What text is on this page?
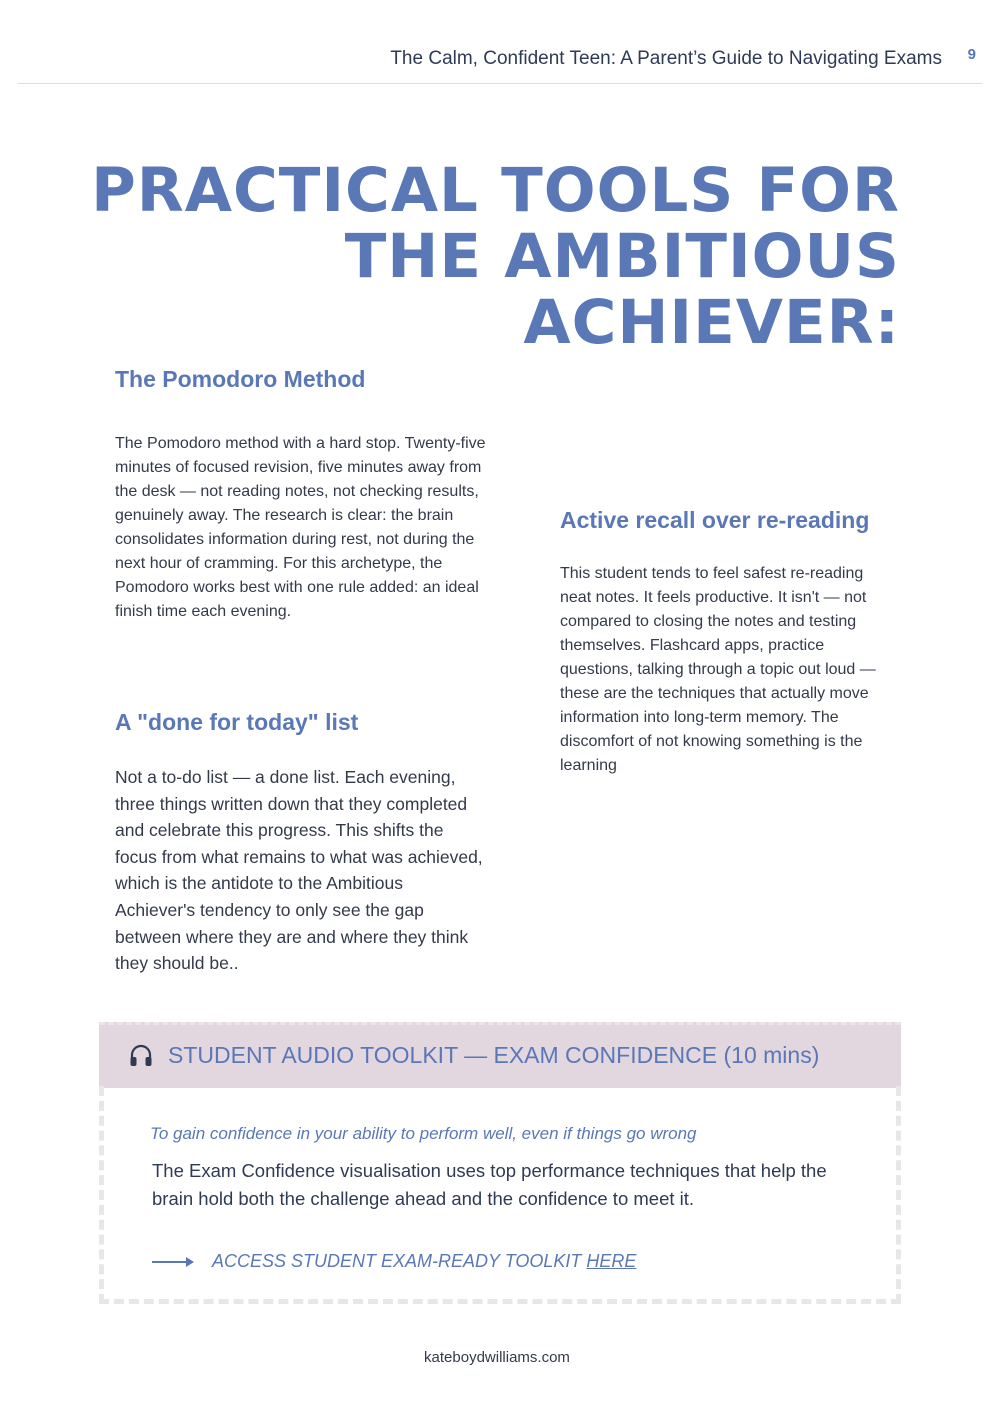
The Calm, Confident Teen: A Parent’s Guide to Navigating Exams 9
PRACTICAL TOOLS FOR
THE AMBITIOUS ACHIEVER:
The Pomodoro Method

The Pomodoro method with a hard stop. Twenty-five minutes of focused revision, five minutes away from the desk — not reading notes, not checking results, genuinely away. The research is clear: the brain consolidates information during rest, not during the next hour of cramming. For this archetype, the Pomodoro works best with one rule added: an ideal finish time each evening.

A "done for today" list

Not a to-do list — a done list. Each evening, three things written down that they completed and celebrate this progress. This shifts the focus from what remains to what was achieved, which is the antidote to the Ambitious Achiever's tendency to only see the gap between where they are and where they think they should be..

Active recall over re-reading

This student tends to feel safest re-reading neat notes. It feels productive. It isn't — not compared to closing the notes and testing themselves. Flashcard apps, practice questions, talking through a topic out loud — these are the techniques that actually move information into long-term memory. The discomfort of not knowing something is the learning

STUDENT AUDIO TOOLKIT — EXAM CONFIDENCE (10 mins)
To gain confidence in your ability to perform well, even if things go wrong

The Exam Confidence visualisation uses top performance techniques that help the brain hold both the challenge ahead and the confidence to meet it.

ACCESS STUDENT EXAM-READY TOOLKIT HERE
kateboydwilliams.com
